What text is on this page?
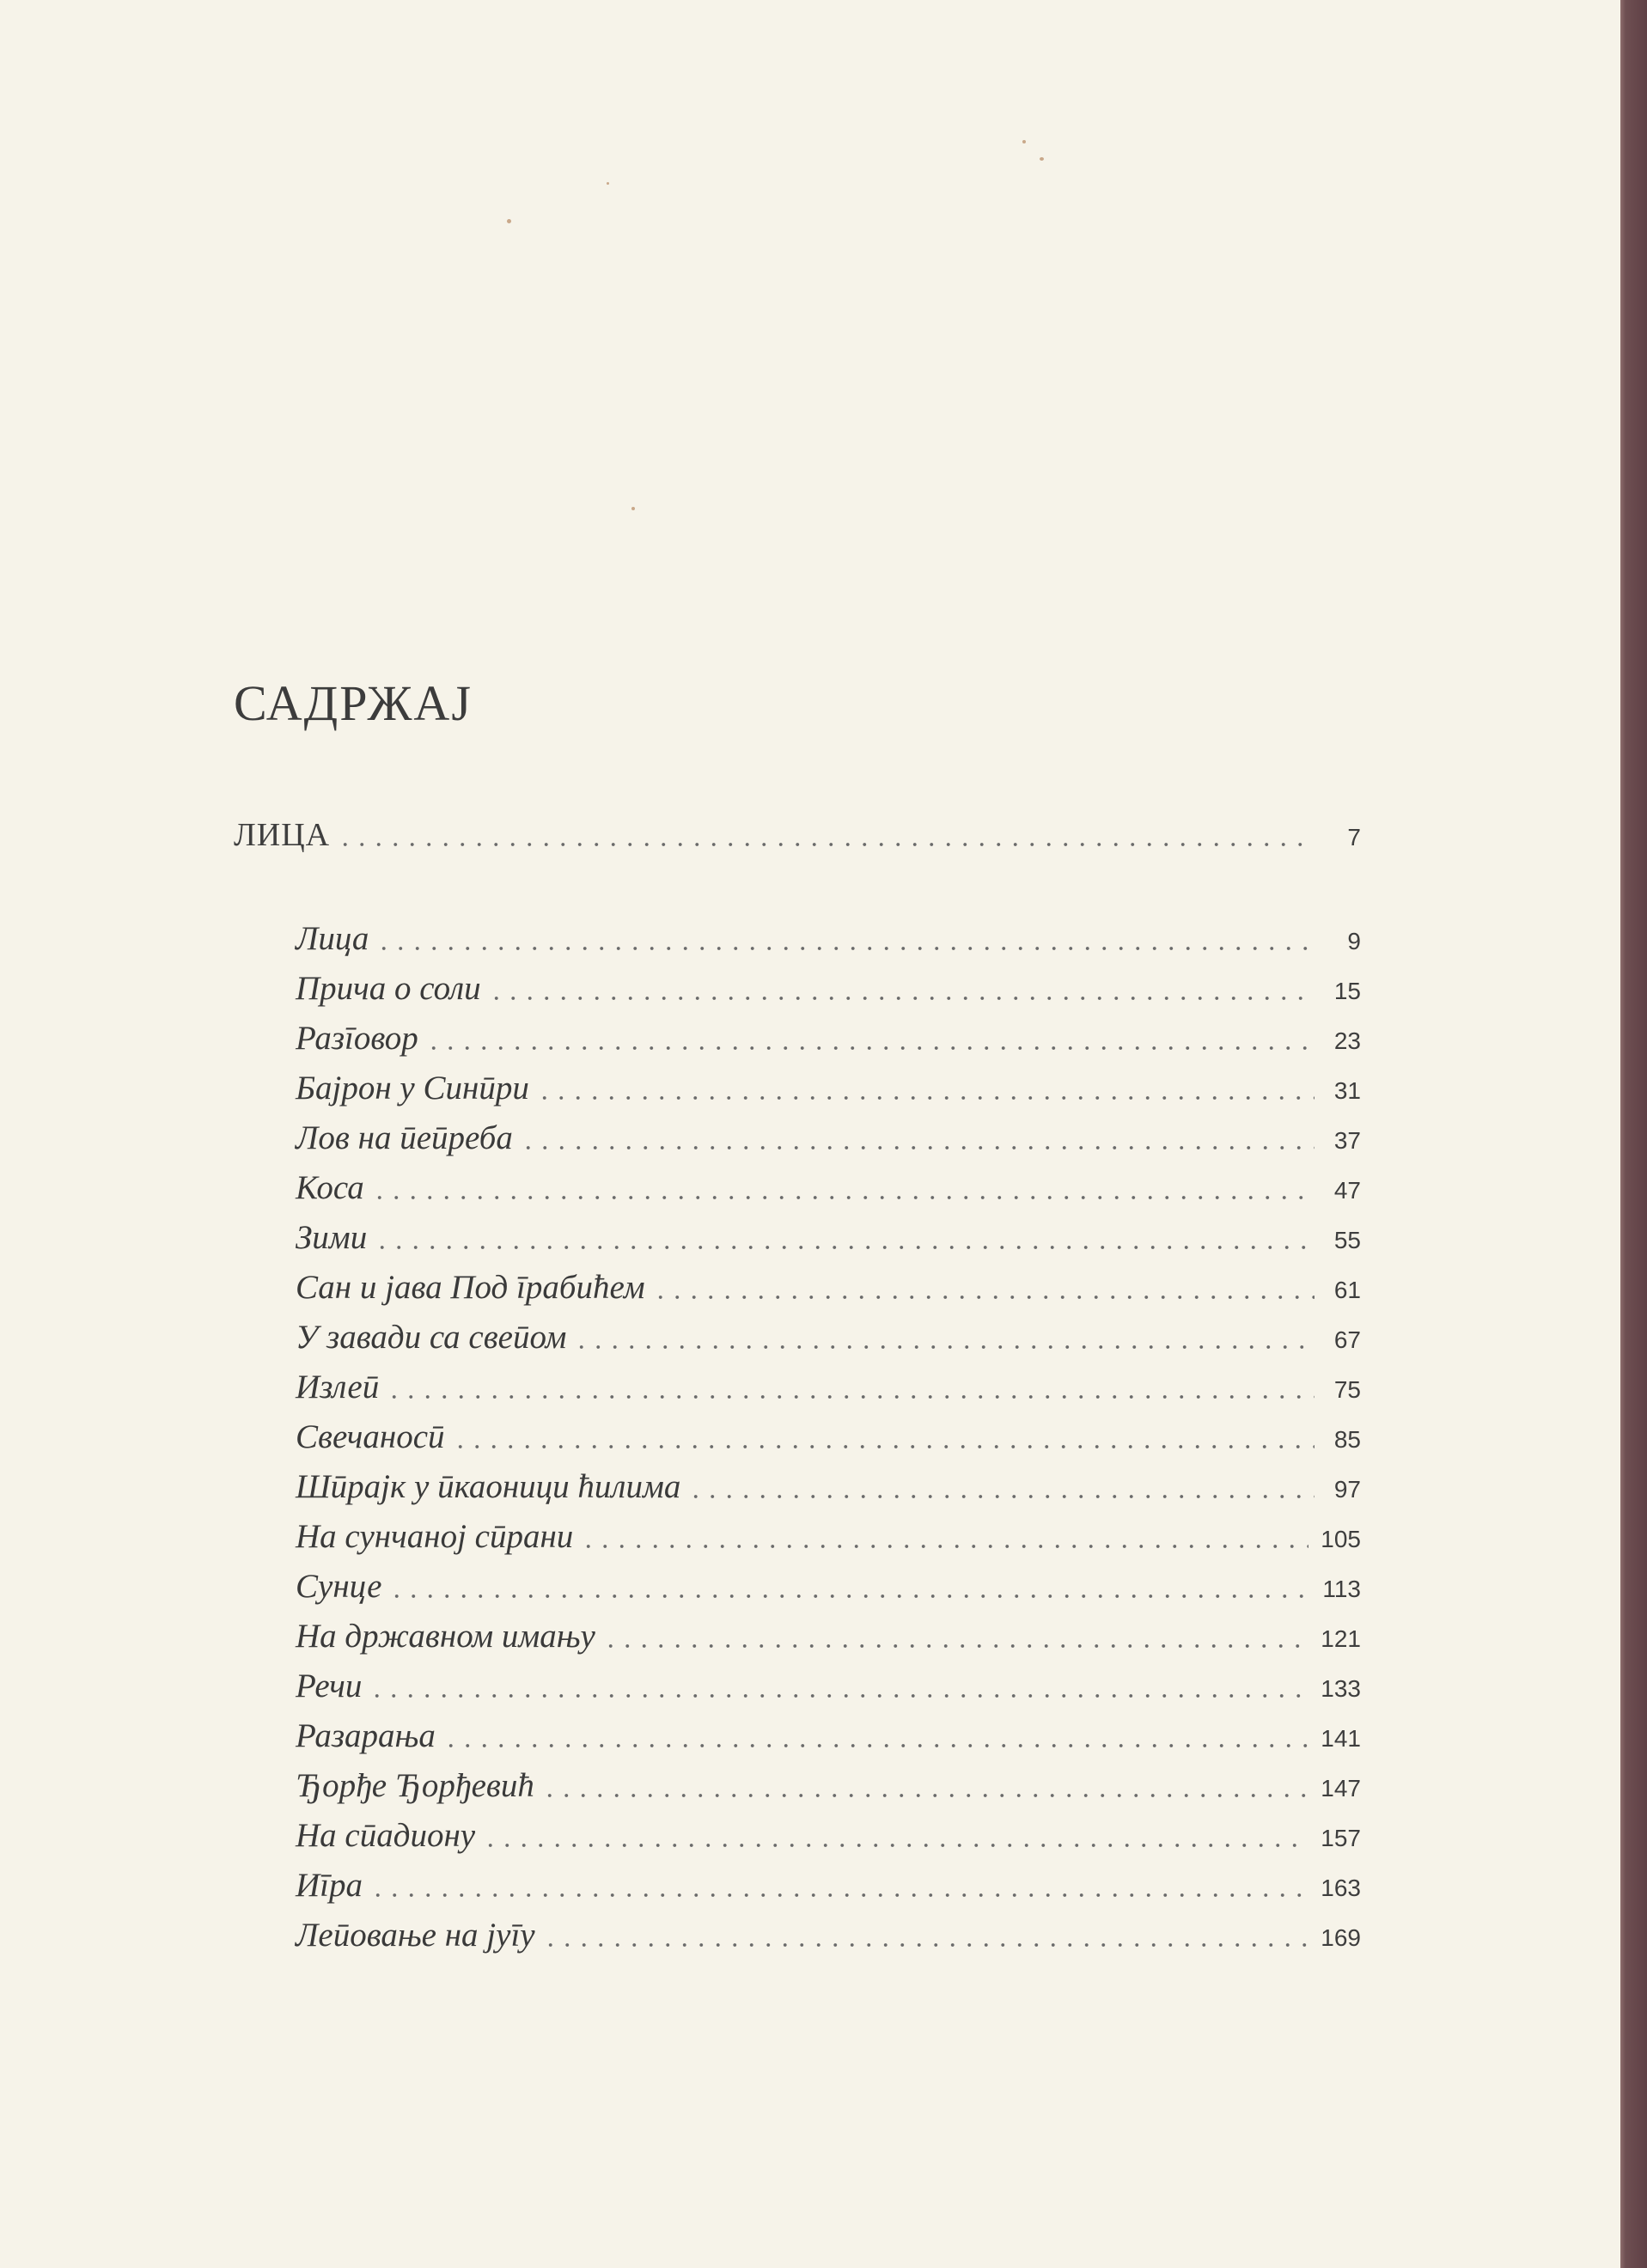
САДРЖАЈ
ЛИЦА	7
Лица	9
Прича о соли	15
Разīовор	23
Бајрон у Синūри	31
Лов на ūеūреба	37
Коса	47
Зими	55
Сан и јава Под īрабићем	61
У завади са свеūом	67
Излеū	75
Свечаносū	85
Шūрајк у ūкаоници ћилима	97
На сунчаној сūрани	105
Сунце	113
На државном имању	121
Речи	133
Разарања	141
Ђорђе Ђорђевић	147
На сūадиону	157
Иīра	163
Леūовање на јуīу	169
